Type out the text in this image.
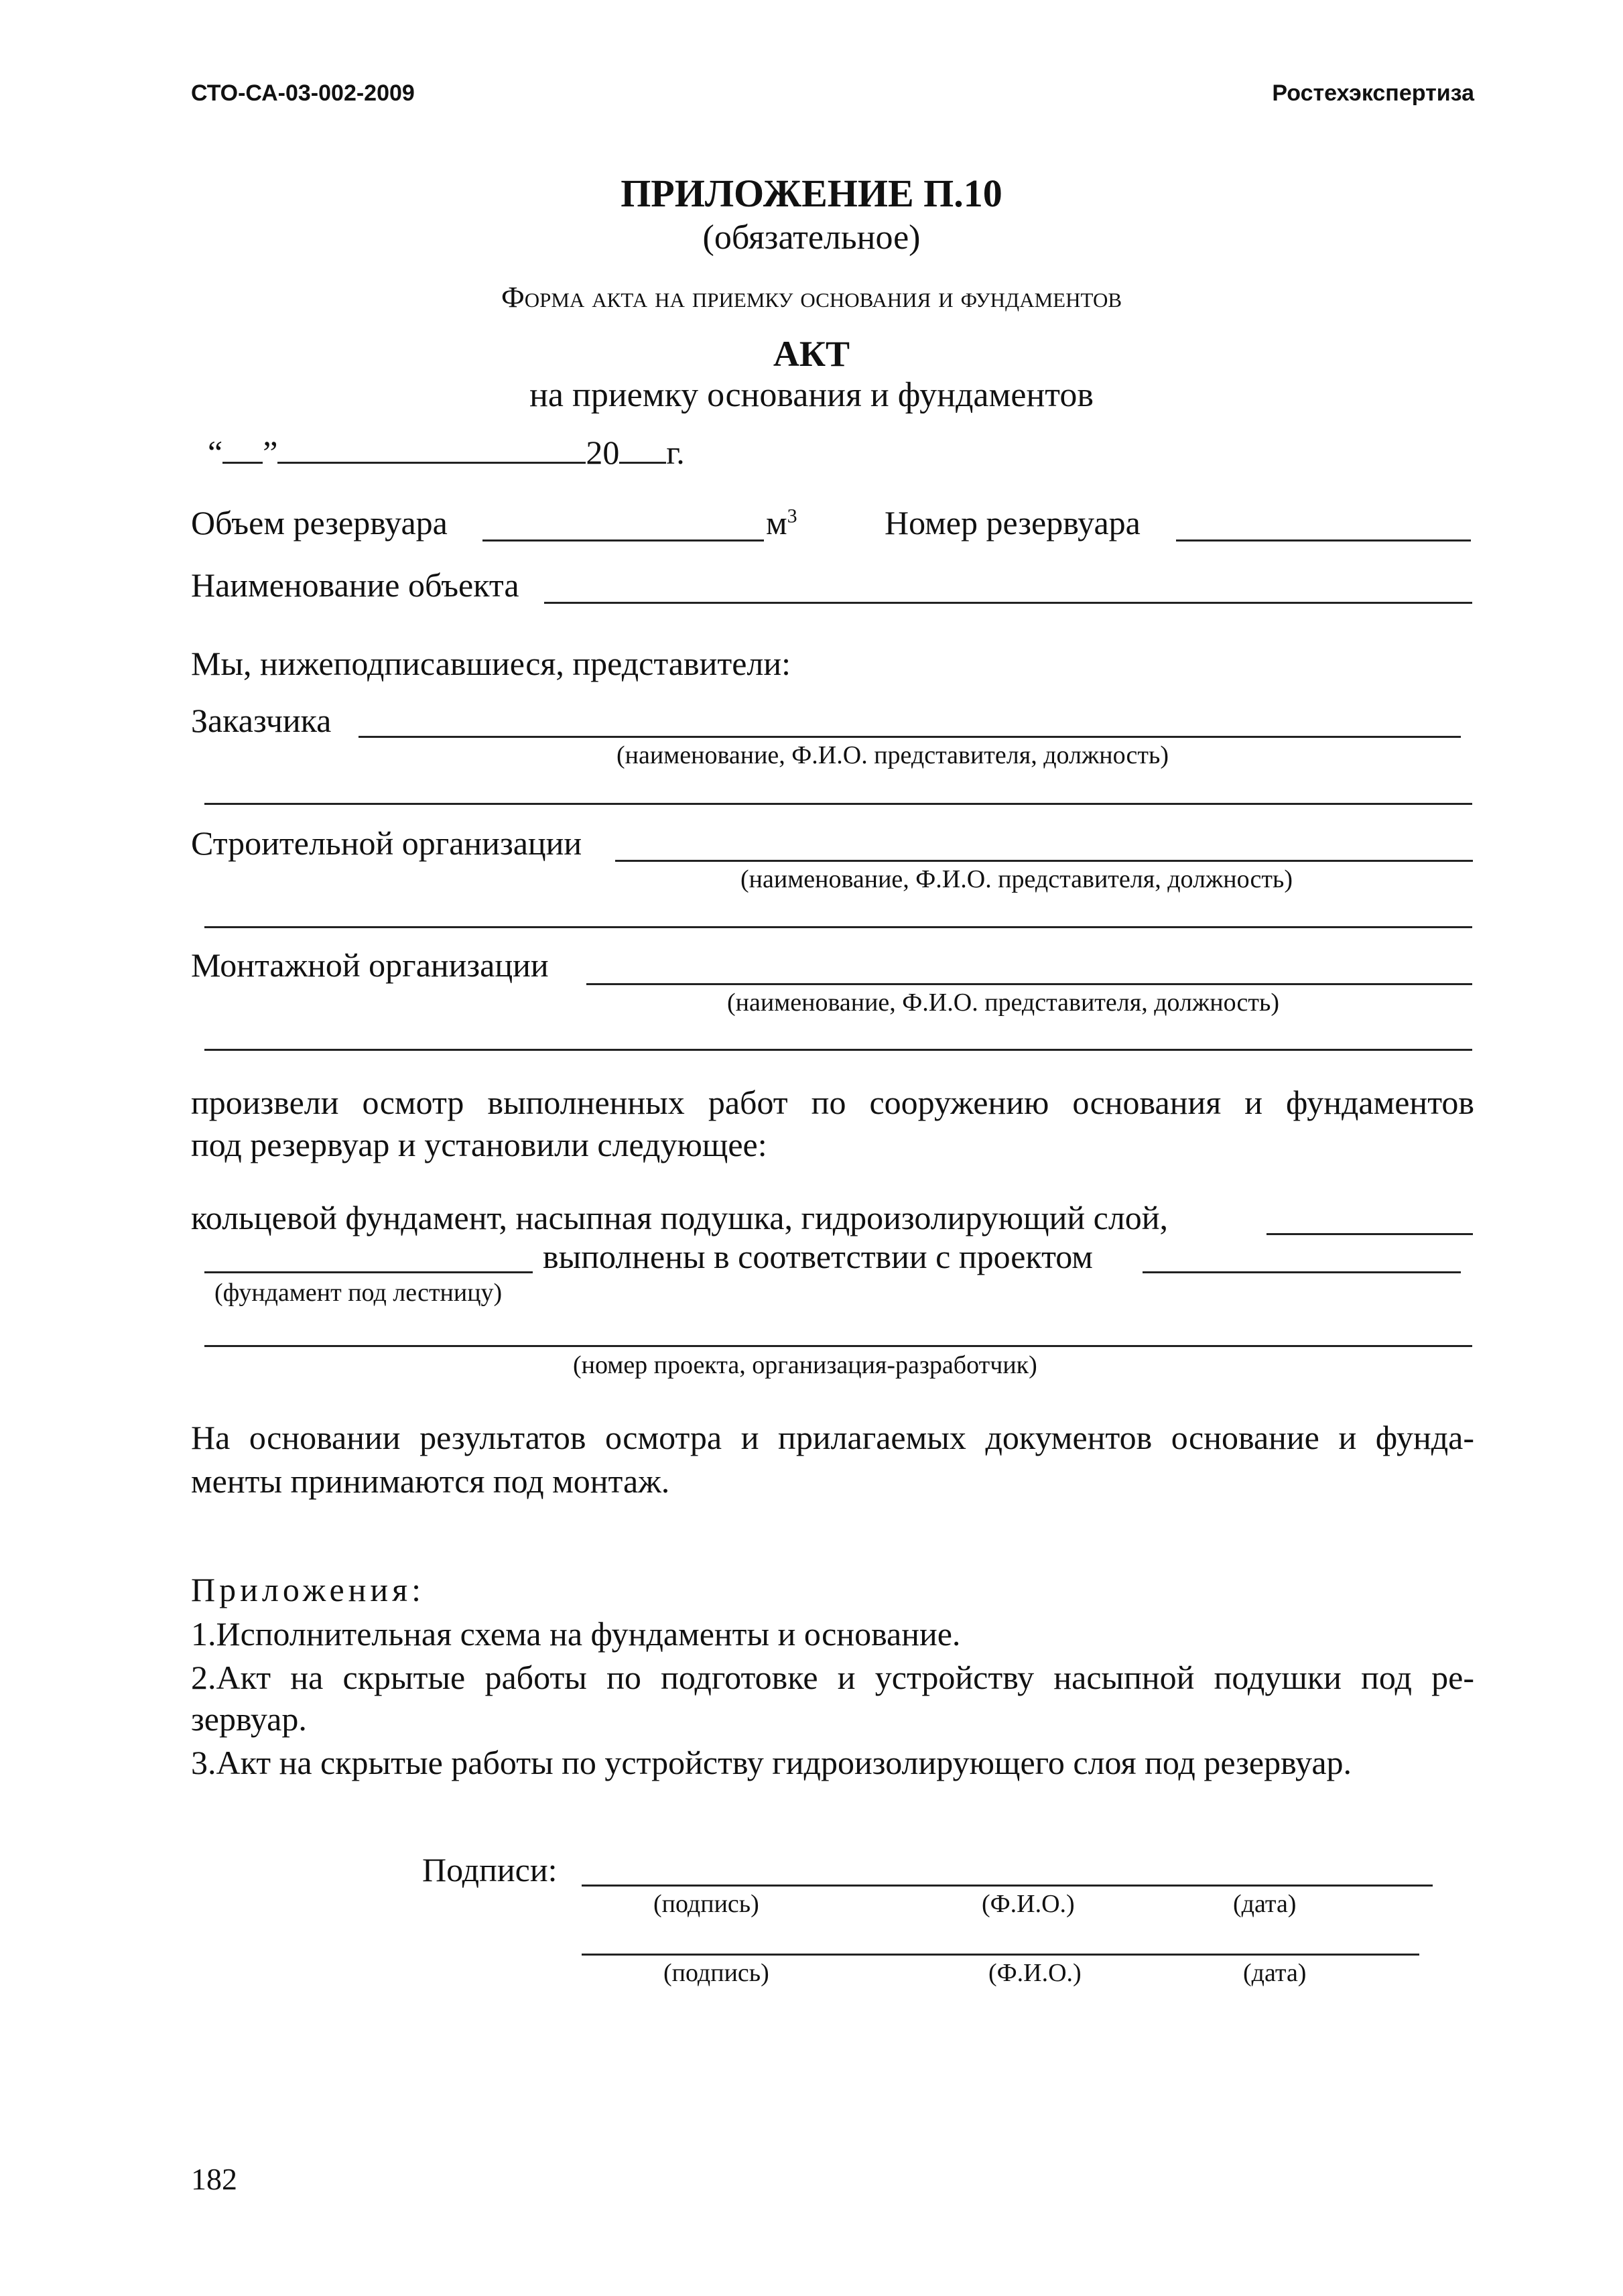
СТО-СА-03-002-2009	Ростехэкспертиза
ПРИЛОЖЕНИЕ П.10
(обязательное)
Форма акта на приемку основания и фундаментов
АКТ
на приемку основания и фундаментов
“ ”	20 г.
Объем резервуара	$м^3$	Номер резервуара
Наименование объекта
Мы, нижеподписавшиеся, представители:
Заказчика
(наименование, Ф.И.О. представителя, должность)
Строительной организации
(наименование, Ф.И.О. представителя, должность)
Монтажной организации
(наименование, Ф.И.О. представителя, должность)
произвели осмотр выполненных работ по сооружению основания и фундаментов
под резервуар и установили следующее:
кольцевой фундамент, насыпная подушка, гидроизолирующий слой,
выполнены в соответствии с проектом
(фундамент под лестницу)
(номер проекта, организация-разработчик)
На основании результатов осмотра и прилагаемых документов основание и фунда-
менты принимаются под монтаж.
Приложения:
1.Исполнительная схема на фундаменты и основание.
2.Акт на скрытые работы по подготовке и устройству насыпной подушки под ре-
зервуар.
3.Акт на скрытые работы по устройству гидроизолирующего слоя под резервуар.
Подписи:
(подпись)	(Ф.И.О.)	(дата)
(подпись)	(Ф.И.О.)	(дата)
182
